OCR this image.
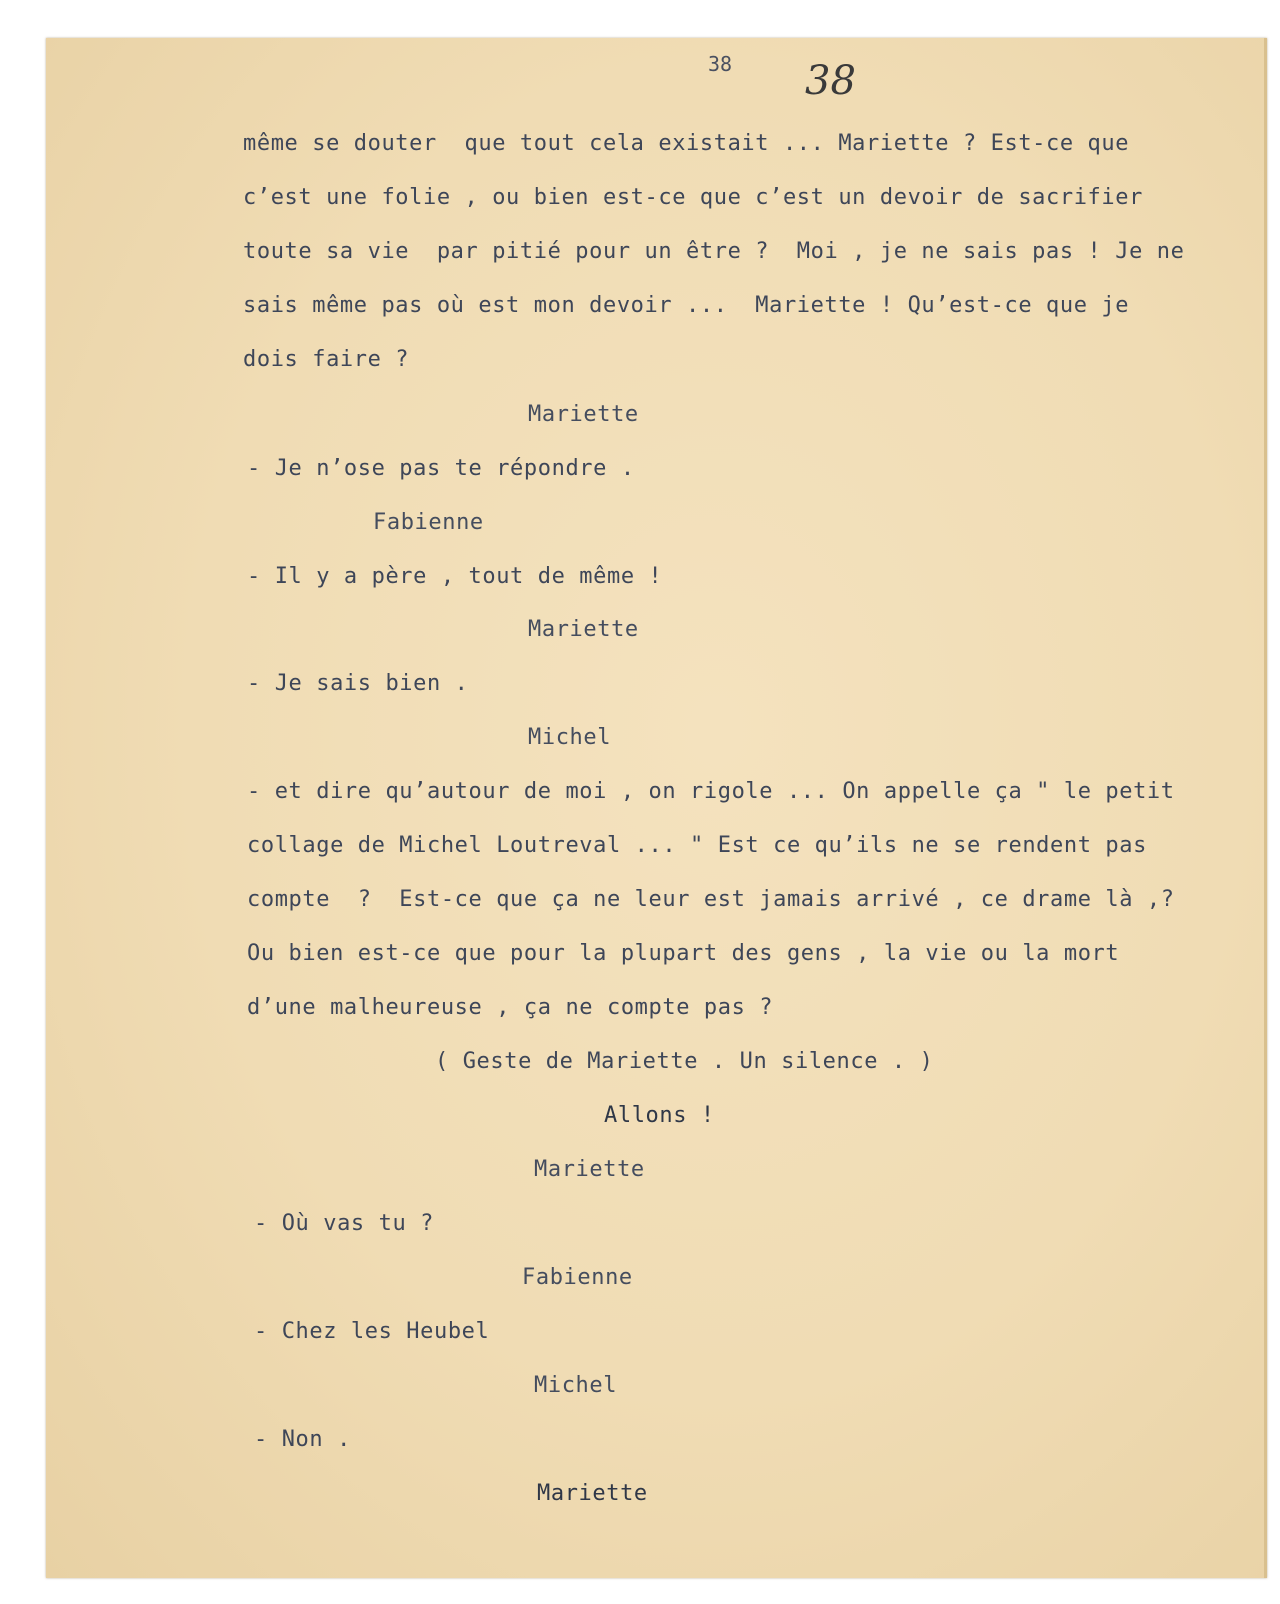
38 38
même se douter  que tout cela existait ... Mariette ? Est-ce que
c’est une folie , ou bien est-ce que c’est un devoir de sacrifier
toute sa vie  par pitié pour un être ?  Moi , je ne sais pas ! Je ne
sais même pas où est mon devoir ...  Mariette ! Qu’est-ce que je
dois faire ?
Mariette
- Je n’ose pas te répondre .
Fabienne
- Il y a père , tout de même !
Mariette
- Je sais bien .
Michel
- et dire qu’autour de moi , on rigole ... On appelle ça " le petit
collage de Michel Loutreval ... " Est ce qu’ils ne se rendent pas
compte  ?  Est-ce que ça ne leur est jamais arrivé , ce drame là ,?
Ou bien est-ce que pour la plupart des gens , la vie ou la mort
d’une malheureuse , ça ne compte pas ?
( Geste de Mariette . Un silence . )
Allons !
Mariette
- Où vas tu ?
Fabienne
- Chez les Heubel
Michel
- Non .
Mariette
